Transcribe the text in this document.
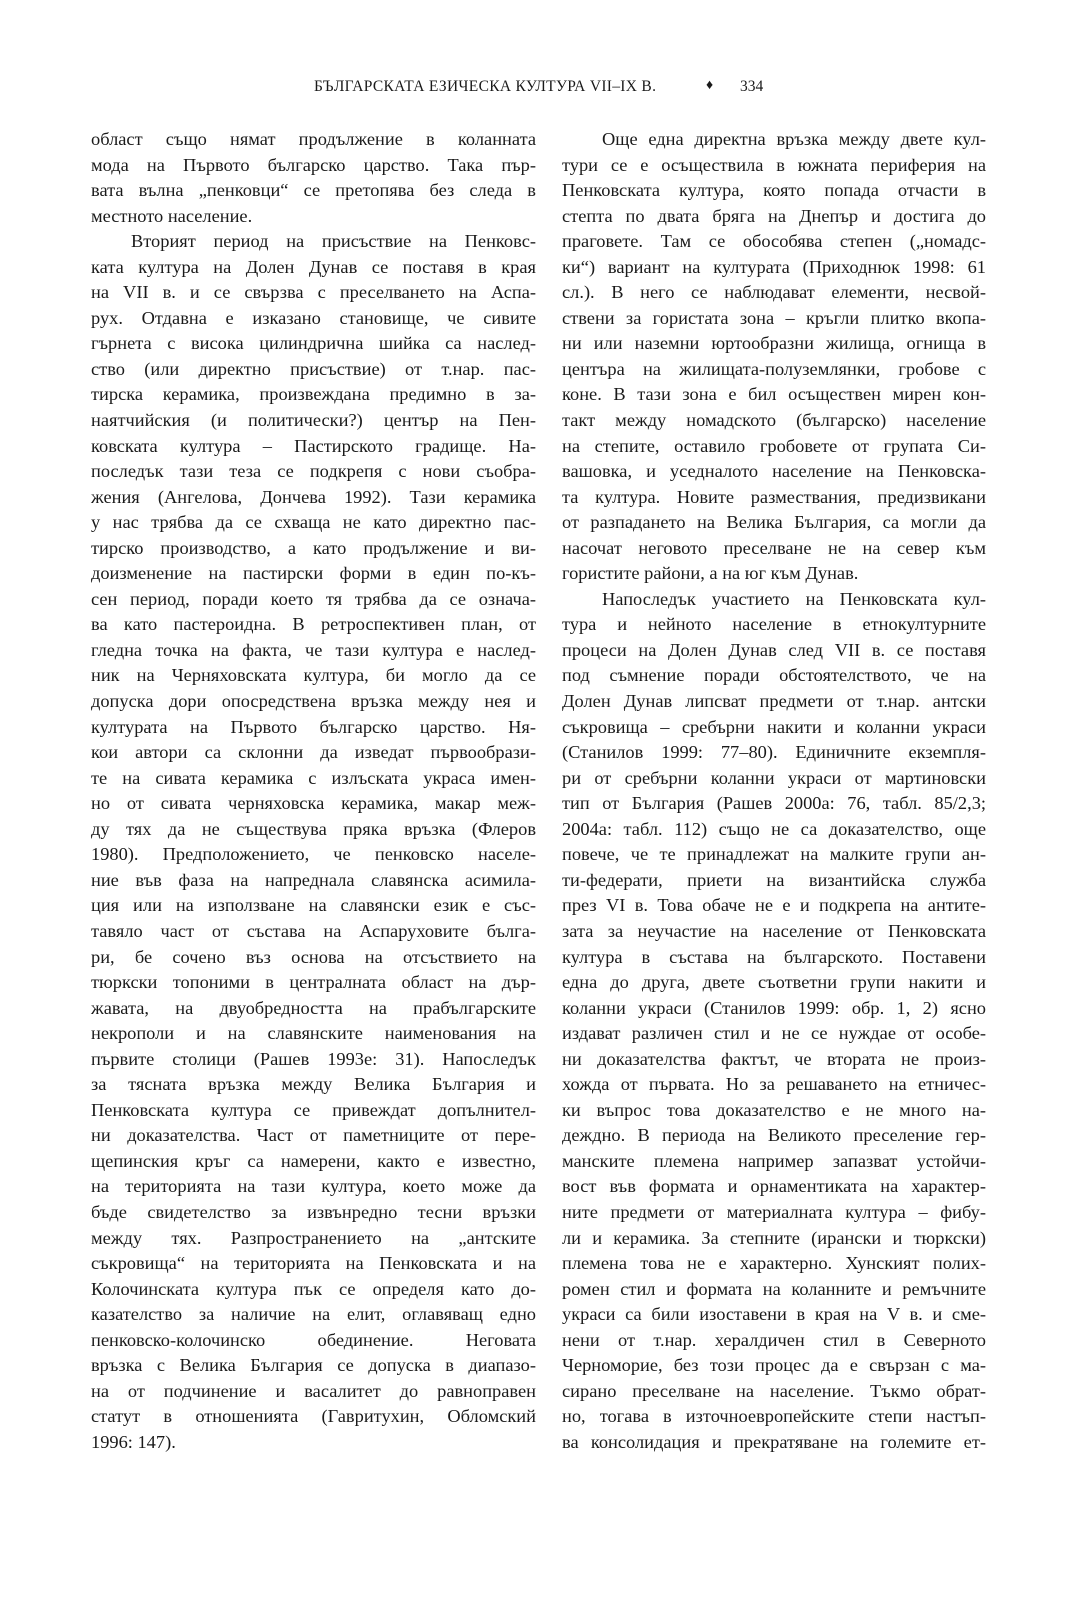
БЪЛГАРСКАТА ЕЗИЧЕСКА КУЛТУРА VII–IX В.	♦ 334
област също нямат продължение в коланната
мода на Първото българско царство. Така пър-
вата вълна „пенковци“ се претопява без следа в
местното население.
Вторият период на присъствие на Пенковс-
ката култура на Долен Дунав се поставя в края
на VII в. и се свързва с преселването на Аспа-
рух. Отдавна е изказано становище, че сивите
гърнета с висока цилиндрична шийка са наслед-
ство (или директно присъствие) от т.нар. пас-
тирска керамика, произвеждана предимно в за-
наятчийския (и политически?) център на Пен-
ковската култура – Пастирското градище. На-
последък тази теза се подкрепя с нови съобра-
жения (Ангелова, Дончева 1992). Тази керамика
у нас трябва да се схваща не като директно пас-
тирско производство, а като продължение и ви-
доизменение на пастирски форми в един по-къ-
сен период, поради което тя трябва да се означа-
ва като пастероидна. В ретроспективен план, от
гледна точка на факта, че тази култура е наслед-
ник на Черняховската култура, би могло да се
допуска дори опосредствена връзка между нея и
културата на Първото българско царство. Ня-
кои автори са склонни да изведат първообрази-
те на сивата керамика с излъската украса имен-
но от сивата черняховска керамика, макар меж-
ду тях да не съществува пряка връзка (Флеров
1980). Предположението, че пенковско населе-
ние във фаза на напреднала славянска асимила-
ция или на използване на славянски език е със-
тавяло част от състава на Аспаруховите бълга-
ри, бе сочено въз основа на отсъствието на
тюркски топоними в централната област на дър-
жавата, на двуобредността на прабългарските
некрополи и на славянските наименования на
първите столици (Рашев 1993е: 31). Напоследък
за тясната връзка между Велика България и
Пенковската култура се привеждат допълнител-
ни доказателства. Част от паметниците от пере-
щепинския кръг са намерени, както е известно,
на територията на тази култура, което може да
бъде свидетелство за извънредно тесни връзки
между тях. Разпространението на „антските
съкровища“ на територията на Пенковската и на
Колочинската култура пък се определя като до-
казателство за наличие на елит, оглавяващ едно
пенковско-колочинско обединение. Неговата
връзка с Велика България се допуска в диапазо-
на от подчинение и васалитет до равноправен
статут в отношенията (Гавритухин, Обломский
1996: 147).
Още една директна връзка между двете кул-
тури се е осъществила в южната периферия на
Пенковската култура, която попада отчасти в
степта по двата бряга на Днепър и достига до
праговете. Там се обособява степен („номадс-
ки“) вариант на културата (Приходнюк 1998: 61
сл.). В него се наблюдават елементи, несвой-
ствени за гористата зона – кръгли плитко вкопа-
ни или наземни юртообразни жилища, огнища в
центъра на жилищата-полуземлянки, гробове с
коне. В тази зона е бил осъществен мирен кон-
такт между номадското (българско) население
на степите, оставило гробовете от групата Си-
вашовка, и уседналото население на Пенковска-
та култура. Новите размествания, предизвикани
от разпадането на Велика България, са могли да
насочат неговото преселване не на север към
гористите райони, а на юг към Дунав.
Напоследък участието на Пенковската кул-
тура и нейното население в етнокултурните
процеси на Долен Дунав след VII в. се поставя
под съмнение поради обстоятелството, че на
Долен Дунав липсват предмети от т.нар. антски
съкровища – сребърни накити и коланни украси
(Станилов 1999: 77–80). Единичните екземпля-
ри от сребърни коланни украси от мартиновски
тип от България (Рашев 2000а: 76, табл. 85/2,3;
2004а: табл. 112) също не са доказателство, още
повече, че те принадлежат на малките групи ан-
ти-федерати, приети на византийска служба
през VI в. Това обаче не е и подкрепа на антите-
зата за неучастие на население от Пенковската
култура в състава на българското. Поставени
една до друга, двете съответни групи накити и
коланни украси (Станилов 1999: обр. 1, 2) ясно
издават различен стил и не се нуждае от особе-
ни доказателства фактът, че втората не произ-
хожда от първата. Но за решаването на етничес-
ки въпрос това доказателство е не много на-
деждно. В периода на Великото преселение гер-
манските племена например запазват устойчи-
вост във формата и орнаментиката на характер-
ните предмети от материалната култура – фибу-
ли и керамика. За степните (ирански и тюркски)
племена това не е характерно. Хунският полих-
ромен стил и формата на коланните и ремъчните
украси са били изоставени в края на V в. и сме-
нени от т.нар. хералдичен стил в Северното
Черноморие, без този процес да е свързан с ма-
сирано преселване на население. Тъкмо обрат-
но, тогава в източноевропейските степи настъп-
ва консолидация и прекратяване на големите ет-
